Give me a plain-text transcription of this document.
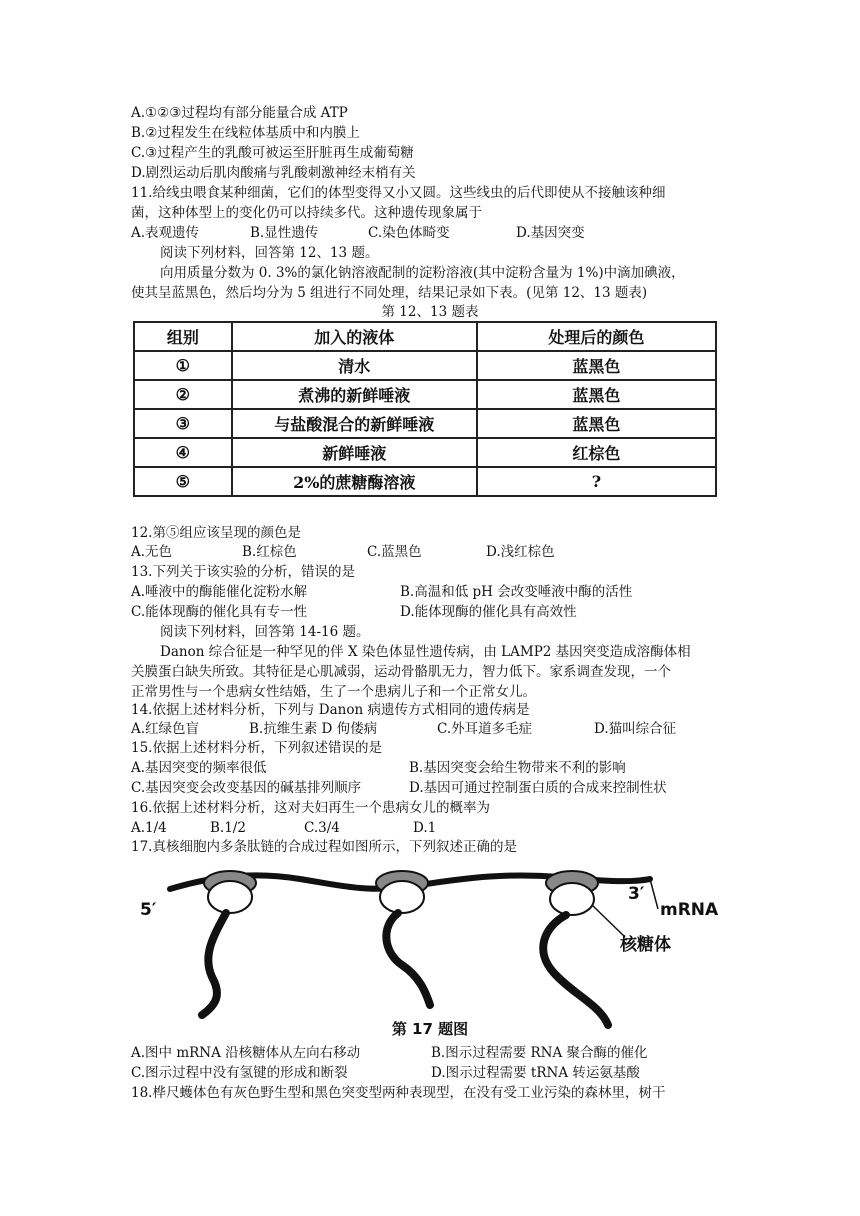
A.①②③过程均有部分能量合成 ATP
B.②过程发生在线粒体基质中和内膜上
C.③过程产生的乳酸可被运至肝脏再生成葡萄糖
D.剧烈运动后肌肉酸痛与乳酸刺激神经末梢有关
11.给线虫喂食某种细菌，它们的体型变得又小又圆。这些线虫的后代即使从不接触该种细
菌，这种体型上的变化仍可以持续多代。这种遗传现象属于
A.表观遗传	B.显性遗传	C.染色体畸变	D.基因突变
阅读下列材料，回答第 12、13 题。
向用质量分数为 0. 3%的氯化钠溶液配制的淀粉溶液(其中淀粉含量为 1%)中滴加碘液，
使其呈蓝黑色，然后均分为 5 组进行不同处理，结果记录如下表。(见第 12、13 题表)
第 12、13 题表
组别	加入的液体	处理后的颜色
①	清水	蓝黑色
②	煮沸的新鲜唾液	蓝黑色
③	与盐酸混合的新鲜唾液	蓝黑色
④	新鲜唾液	红棕色
⑤	2%的蔗糖酶溶液	?
12.第⑤组应该呈现的颜色是
A.无色	B.红棕色	C.蓝黑色	D.浅红棕色
13.下列关于该实验的分析，错误的是
A.唾液中的酶能催化淀粉水解	B.高温和低 pH 会改变唾液中酶的活性
C.能体现酶的催化具有专一性	D.能体现酶的催化具有高效性
阅读下列材料，回答第 14-16 题。
Danon 综合征是一种罕见的伴 X 染色体显性遗传病，由 LAMP2 基因突变造成溶酶体相
关膜蛋白缺失所致。其特征是心肌减弱，运动骨骼肌无力，智力低下。家系调查发现，一个
正常男性与一个患病女性结婚，生了一个患病儿子和一个正常女儿。
14.依据上述材料分析，下列与 Danon 病遗传方式相同的遗传病是
A.红绿色盲	B.抗维生素 D 佝偻病	C.外耳道多毛症	D.猫叫综合征
15.依据上述材料分析，下列叙述错误的是
A.基因突变的频率很低	B.基因突变会给生物带来不利的影响
C.基因突变会改变基因的碱基排列顺序	D.基因可通过控制蛋白质的合成来控制性状
16.依据上述材料分析，这对夫妇再生一个患病女儿的概率为
A.1/4	B.1/2	C.3/4	D.1
17.真核细胞内多条肽链的合成过程如图所示，下列叙述正确的是
5′
3′
mRNA
核糖体
第 17 题图
A.图中 mRNA 沿核糖体从左向右移动	B.图示过程需要 RNA 聚合酶的催化
C.图示过程中没有氢键的形成和断裂	D.图示过程需要 tRNA 转运氨基酸
18.桦尺蠖体色有灰色野生型和黑色突变型两种表现型，在没有受工业污染的森林里，树干
